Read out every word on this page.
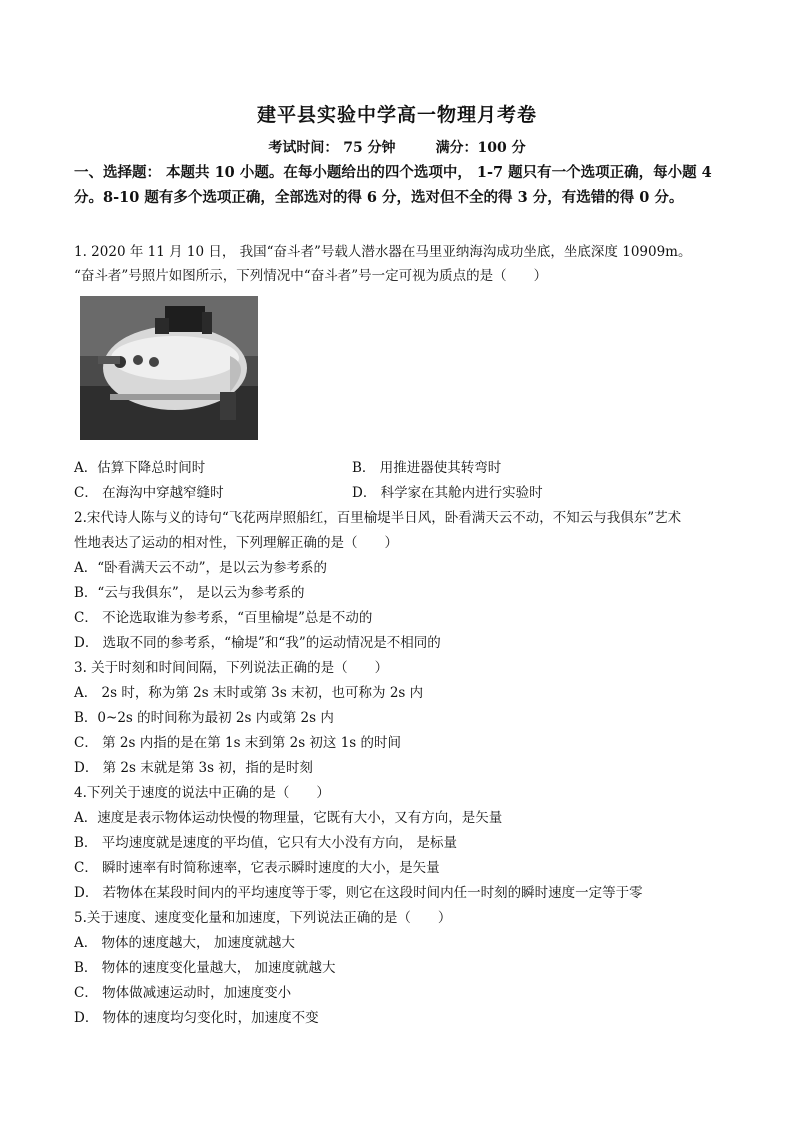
建平县实验中学高一物理月考卷
考试时间： 75 分钟	满分：100 分
一、选择题： 本题共 10 小题。在每小题给出的四个选项中， 1-7 题只有一个选项正确，每小题 4 分。8-10 题有多个选项正确，全部选对的得 6 分，选对但不全的得 3 分，有选错的得 0 分。
1. 2020 年 11 月 10 日， 我国“奋斗者”号载人潜水器在马里亚纳海沟成功坐底，坐底深度 10909m。
“奋斗者”号照片如图所示，下列情况中“奋斗者”号一定可视为质点的是（　　）
A．估算下降总时间时	B． 用推进器使其转弯时
C． 在海沟中穿越窄缝时	D． 科学家在其舱内进行实验时
2.宋代诗人陈与义的诗句“飞花两岸照船红，百里榆堤半日风，卧看满天云不动，不知云与我俱东”艺术
性地表达了运动的相对性，下列理解正确的是（　　）
A．“卧看满天云不动”，是以云为参考系的
B．“云与我俱东”， 是以云为参考系的
C． 不论选取谁为参考系，“百里榆堤”总是不动的
D． 选取不同的参考系，“榆堤”和“我”的运动情况是不相同的
3. 关于时刻和时间间隔，下列说法正确的是（　　）
A． 2s 时，称为第 2s 末时或第 3s 末初，也可称为 2s 内
B．0~2s 的时间称为最初 2s 内或第 2s 内
C． 第 2s 内指的是在第 1s 末到第 2s 初这 1s 的时间
D． 第 2s 末就是第 3s 初，指的是时刻
4.下列关于速度的说法中正确的是（　　）
A．速度是表示物体运动快慢的物理量，它既有大小，又有方向，是矢量
B． 平均速度就是速度的平均值，它只有大小没有方向， 是标量
C． 瞬时速率有时简称速率，它表示瞬时速度的大小，是矢量
D． 若物体在某段时间内的平均速度等于零，则它在这段时间内任一时刻的瞬时速度一定等于零
5.关于速度、速度变化量和加速度，下列说法正确的是（　　）
A． 物体的速度越大， 加速度就越大
B． 物体的速度变化量越大， 加速度就越大
C． 物体做减速运动时，加速度变小
D． 物体的速度均匀变化时，加速度不变
